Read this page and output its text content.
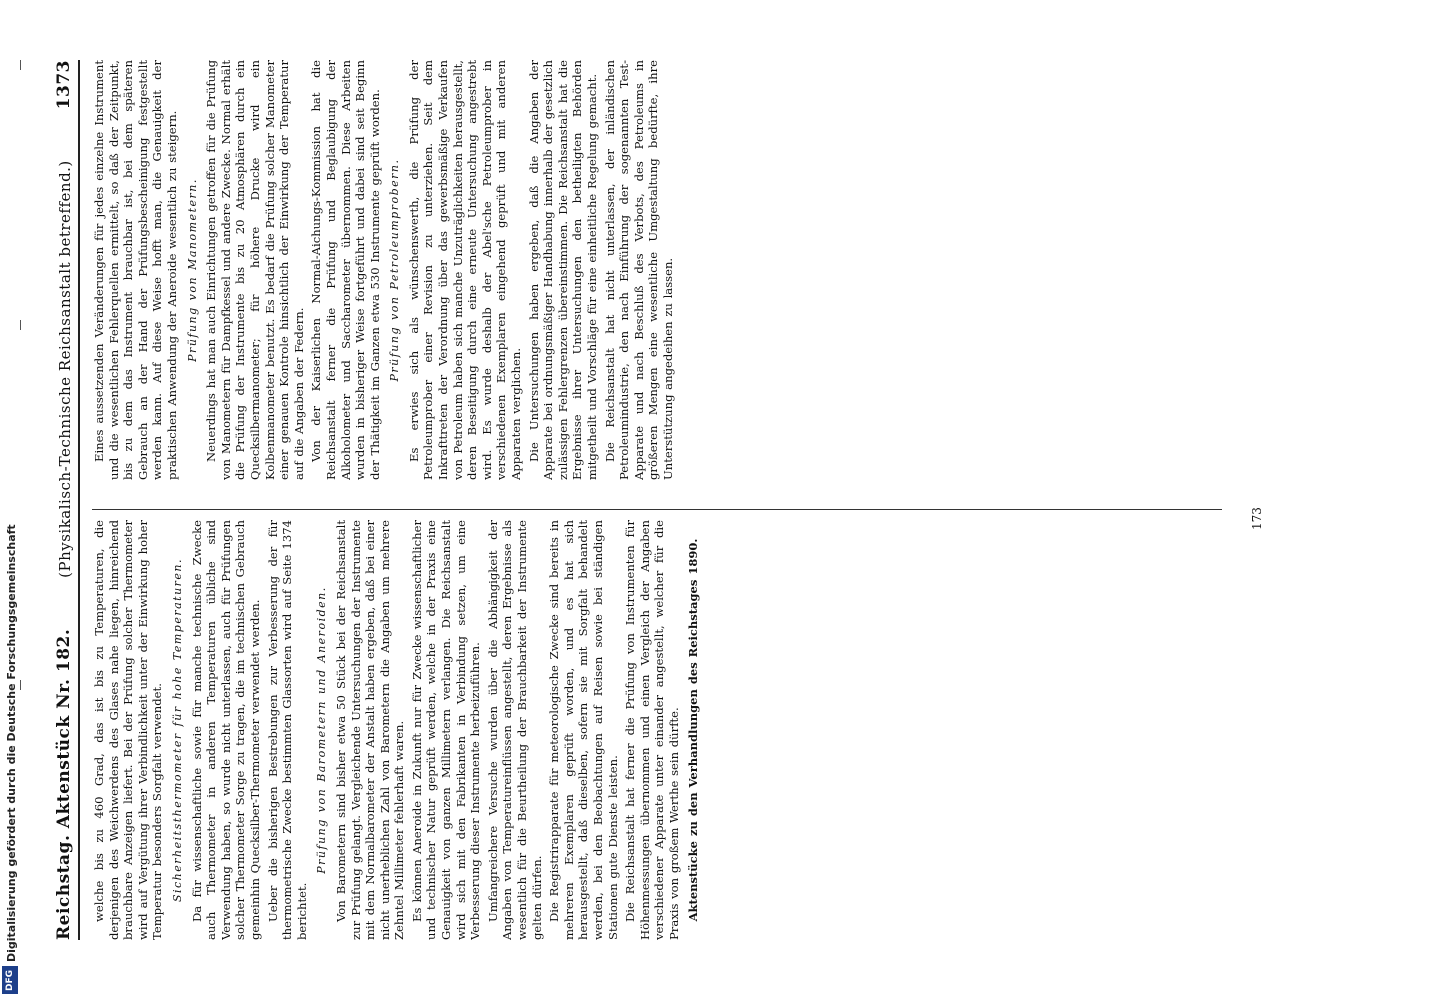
Reichstag. Aktenstück Nr. 182.
(Physikalisch-Technische Reichsanstalt betreffend.)
1373

welche bis zu 460 Grad, das ist bis zu Temperaturen, die derjenigen des Weichwerdens des Glases nahe liegen, hinreichend brauchbare Anzeigen liefert. Bei der Prüfung solcher Thermometer wird auf Vergütung ihrer Verbindlichkeit unter der Einwirkung hoher Temperatur besonders Sorgfalt verwendet. Sicherheitsthermometer für hohe Temperaturen. Da für wissenschaftliche sowie für manche technische Zwecke auch Thermometer in anderen Temperaturen übliche sind Verwendung haben, so wurde nicht unterlassen, auch für Prüfungen solcher Thermometer Sorge zu tragen, die im technischen Gebrauch gemeinhin Quecksilber-Thermometer verwendet werden. Ueber die bisherigen Bestrebungen zur Verbesserung der für thermometrische Zwecke bestimmten Glassorten wird auf Seite 1374 berichtet.

Prüfung von Barometern und Aneroiden. Von Barometern sind bisher etwa 50 Stück bei der Reichsanstalt zur Prüfung gelangt. Vergleichende Untersuchungen der Instrumente mit dem Normalbarometer der Anstalt haben ergeben, daß bei einer nicht unerheblichen Zahl von Barometern die Angaben um mehrere Zehntel Millimeter fehlerhaft waren. Es können Aneroide in Zukunft nur für Zwecke wissenschaftlicher und technischer Natur geprüft werden, welche in der Praxis eine Genauigkeit von ganzen Millimetern verlangen. Die Reichsanstalt wird sich mit den Fabrikanten in Verbindung setzen, um eine Verbesserung dieser Instrumente herbeizuführen. Umfangreichere Versuche wurden über die Abhängigkeit der Angaben von Temperatureinflüssen angestellt, deren Ergebnisse als wesentlich für die Beurtheilung der Brauchbarkeit der Instrumente gelten dürfen. Die Registrirapparate für meteorologische Zwecke sind bereits in mehreren Exemplaren geprüft worden, und es hat sich herausgestellt, daß dieselben, sofern sie mit Sorgfalt behandelt werden, bei den Beobachtungen auf Reisen sowie bei ständigen Stationen gute Dienste leisten. Die Reichsanstalt hat ferner die Prüfung von Instrumenten für Höhenmessungen übernommen und einen Vergleich der Angaben verschiedener Apparate unter einander angestellt, welcher für die Praxis von großem Werthe sein dürfte. Aktenstücke zu den Verhandlungen des Reichstages 1890.

Eines aussetzenden Veränderungen für jedes einzelne Instrument und die wesentlichen Fehlerquellen ermittelt, so daß der Zeitpunkt, bis zu dem das Instrument brauchbar ist, bei dem späteren Gebrauch an der Hand der Prüfungsbescheinigung festgestellt werden kann. Auf diese Weise hofft man, die Genauigkeit der praktischen Anwendung der Aneroide wesentlich zu steigern. Prüfung von Manometern. Neuerdings hat man auch Einrichtungen getroffen für die Prüfung von Manometern für Dampfkessel und andere Zwecke. Normal erhält die Prüfung der Instrumente bis zu 20 Atmosphären durch ein Quecksilbermanometer; für höhere Drucke wird ein Kolbenmanometer benutzt. Es bedarf die Prüfung solcher Manometer einer genauen Kontrole hinsichtlich der Einwirkung der Temperatur auf die Angaben der Federn. Von der Kaiserlichen Normal-Aichungs-Kommission hat die Reichsanstalt ferner die Prüfung und Beglaubigung der Alkoholometer und Saccharometer übernommen. Diese Arbeiten wurden in bisheriger Weise fortgeführt und dabei sind seit Beginn der Thätigkeit im Ganzen etwa 530 Instrumente geprüft worden. Prüfung von Petroleumprobern. Es erwies sich als wünschenswerth, die Prüfung der Petroleumprober einer Revision zu unterziehen. Seit dem Inkrafttreten der Verordnung über das gewerbsmäßige Verkaufen von Petroleum haben sich manche Unzuträglichkeiten herausgestellt, deren Beseitigung durch eine erneute Untersuchung angestrebt wird. Es wurde deshalb der Abel'sche Petroleumprober in verschiedenen Exemplaren eingehend geprüft und mit anderen Apparaten verglichen. Die Untersuchungen haben ergeben, daß die Angaben der Apparate bei ordnungsmäßiger Handhabung innerhalb der gesetzlich zulässigen Fehlergrenzen übereinstimmen. Die Reichsanstalt hat die Ergebnisse ihrer Untersuchungen den betheiligten Behörden mitgetheilt und Vorschläge für eine einheitliche Regelung gemacht. Die Reichsanstalt hat nicht unterlassen, der inländischen Petroleumindustrie, den nach Einführung der sogenannten Test-Apparate und nach Beschluß des Verbots, des Petroleums in größeren Mengen eine wesentliche Umgestaltung bedürfte, ihre Unterstützung angedeihen zu lassen.

173
Digitalisierung gefördert durch die Deutsche Forschungsgemeinschaft
DFG
